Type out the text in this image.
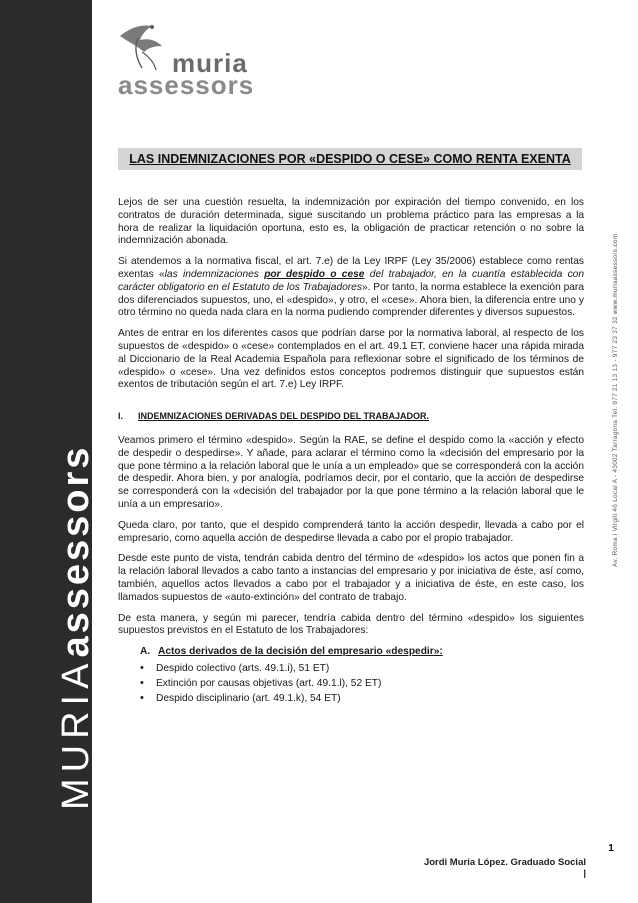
MURIAassessors
muria
assessors
Av. Roma i Virgili 46 Local A - 43002 Tarragona Tel. 977 21 13 13 - 977 23 37 32 www.muriaassessors.com
LAS INDEMNIZACIONES POR «DESPIDO O CESE» COMO RENTA EXENTA

Lejos de ser una cuestión resuelta, la indemnización por expiración del tiempo convenido, en los contratos de duración determinada, sigue suscitando un problema práctico para las empresas a la hora de realizar la liquidación oportuna, esto es, la obligación de practicar retención o no sobre la indemnización abonada.

Si atendemos a la normativa fiscal, el art. 7.e) de la Ley IRPF (Ley 35/2006) establece como rentas exentas «las indemnizaciones por despido o cese del trabajador, en la cuantía establecida con carácter obligatorio en el Estatuto de los Trabajadores». Por tanto, la norma establece la exención para dos diferenciados supuestos, uno, el «despido», y otro, el «cese». Ahora bien, la diferencia entre uno y otro término no queda nada clara en la norma pudiendo comprender diferentes y diversos supuestos.

Antes de entrar en los diferentes casos que podrían darse por la normativa laboral, al respecto de los supuestos de «despido» o «cese» contemplados en el art. 49.1 ET, conviene hacer una rápida mirada al Diccionario de la Real Academia Española para reflexionar sobre el significado de los términos de «despido» o «cese». Una vez definidos estos conceptos podremos distinguir que supuestos están exentos de tributación según el art. 7.e) Ley IRPF.

I. INDEMNIZACIONES DERIVADAS DEL DESPIDO DEL TRABAJADOR.

Veamos primero el término «despido». Según la RAE, se define el despido como la «acción y efecto de despedir o despedirse». Y añade, para aclarar el término como la «decisión del empresario por la que pone término a la relación laboral que le unía a un empleado» que se corresponderá con la acción de despedir. Ahora bien, y por analogía, podríamos decir, por el contario, que la acción de despedirse se corresponderá con la «decisión del trabajador por la que pone término a la relación laboral que le unía a un empresario».

Queda claro, por tanto, que el despido comprenderá tanto la acción despedir, llevada a cabo por el empresario, como aquella acción de despedirse llevada a cabo por el propio trabajador.

Desde este punto de vista, tendrán cabida dentro del término de «despido» los actos que ponen fin a la relación laboral llevados a cabo tanto a instancias del empresario y por iniciativa de éste, así como, también, aquellos actos llevados a cabo por el trabajador y a iniciativa de éste, en este caso, los llamados supuestos de «auto-extinción» del contrato de trabajo.

De esta manera, y según mi parecer, tendría cabida dentro del término «despido» los siguientes supuestos previstos en el Estatuto de los Trabajadores:

A. Actos derivados de la decisión del empresario «despedir»:
• Despido colectivo (arts. 49.1.i), 51 ET)
• Extinción por causas objetivas (art. 49.1.l), 52 ET)
• Despido disciplinario (art. 49.1.k), 54 ET)
Jordi Muria López. Graduado Social |
1
